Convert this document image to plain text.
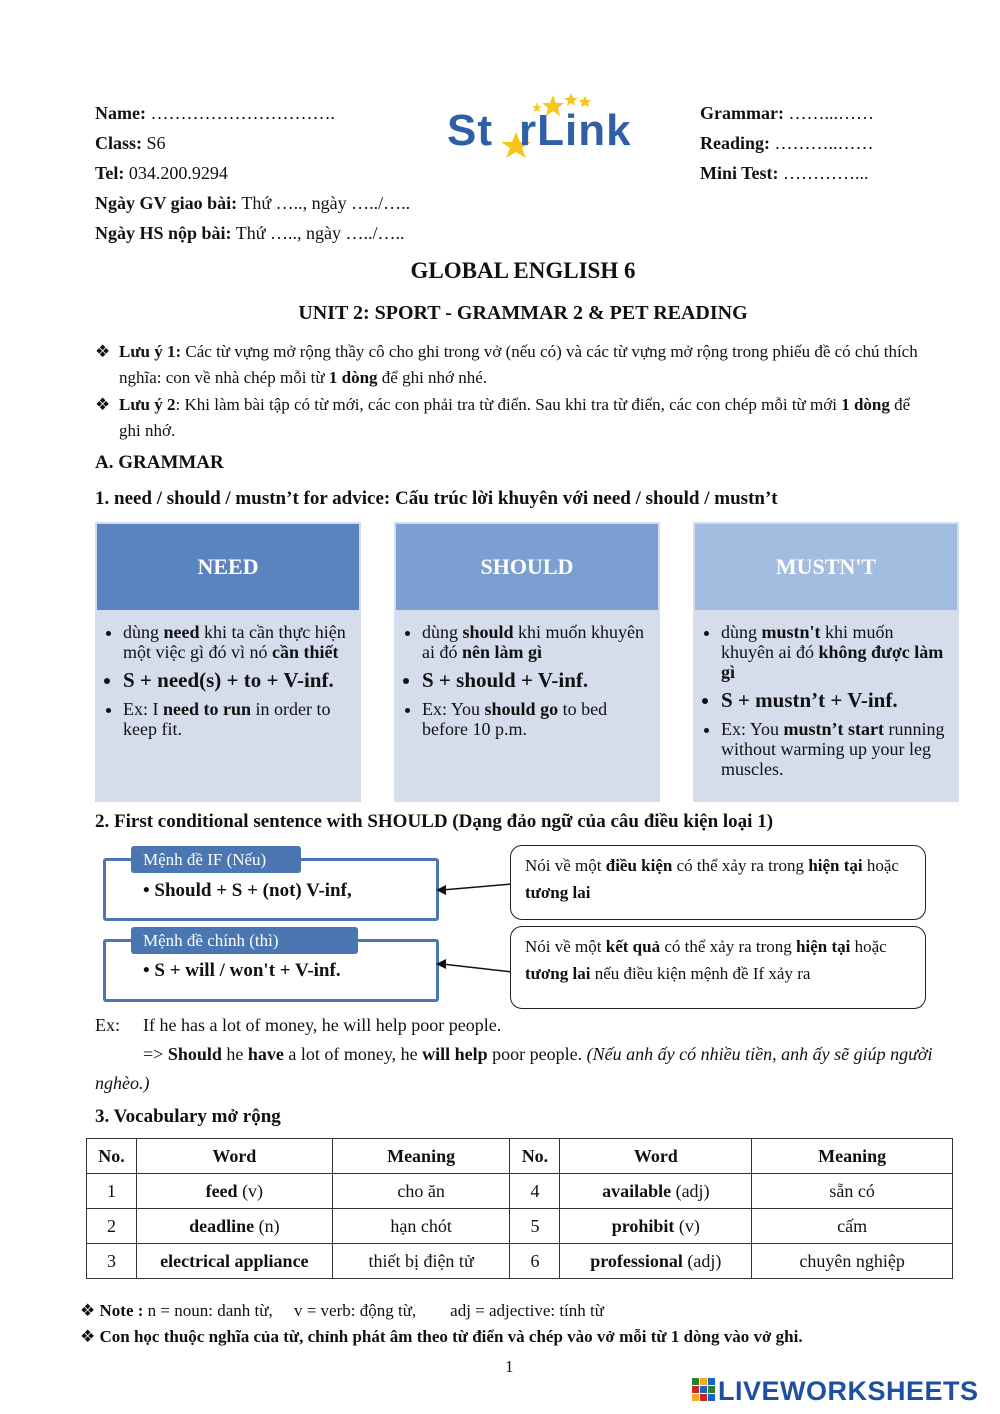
Name: ………………………….
Class: S6
Tel: 034.200.9294
Ngày GV giao bài: Thứ ….., ngày …../…..
Ngày HS nộp bài: Thứ ….., ngày …../…..
St rLink	Grammar: ……...……
Reading: ………..……
Mini Test: …………...
GLOBAL ENGLISH 6
UNIT 2: SPORT - GRAMMAR 2 & PET READING
❖ Lưu ý 1: Các từ vựng mở rộng thầy cô cho ghi trong vở (nếu có) và các từ vựng mở rộng trong phiếu đề có chú thích nghĩa: con về nhà chép mỗi từ 1 dòng để ghi nhớ nhé.
❖ Lưu ý 2: Khi làm bài tập có từ mới, các con phải tra từ điển. Sau khi tra từ điển, các con chép mỗi từ mới 1 dòng để ghi nhớ.
A. GRAMMAR
1. need / should / mustn’t for advice: Cấu trúc lời khuyên với need / should / mustn’t
NEED
• dùng need khi ta cần thực hiện một việc gì đó vì nó cần thiết
• S + need(s) + to + V-inf.
• Ex: I need to run in order to keep fit.
SHOULD
• dùng should khi muốn khuyên ai đó nên làm gì
• S + should + V-inf.
• Ex: You should go to bed before 10 p.m.
MUSTN'T
• dùng mustn't khi muốn khuyên ai đó không được làm gì
• S + mustn’t + V-inf.
• Ex: You mustn’t start running without warming up your leg muscles.
2. First conditional sentence with SHOULD (Dạng đảo ngữ của câu điều kiện loại 1)
Mệnh đề IF (Nếu)
• Should + S + (not) V-inf,
Mệnh đề chính (thì)
• S + will / won't + V-inf.
Nói về một điều kiện có thể xảy ra trong hiện tại hoặc tương lai
Nói về một kết quả có thể xảy ra trong hiện tại hoặc tương lai nếu điều kiện mệnh đề If xảy ra
Ex: If he has a lot of money, he will help poor people.
=> Should he have a lot of money, he will help poor people. (Nếu anh ấy có nhiều tiền, anh ấy sẽ giúp người nghèo.)
3. Vocabulary mở rộng
No.	Word	Meaning	No.	Word	Meaning
1	feed (v)	cho ăn	4	available (adj)	sẵn có
2	deadline (n)	hạn chót	5	prohibit (v)	cấm
3	electrical appliance	thiết bị điện tử	6	professional (adj)	chuyên nghiệp
❖ Note : n = noun: danh từ,     v = verb: động từ,        adj = adjective: tính từ
❖ Con học thuộc nghĩa của từ, chỉnh phát âm theo từ điển và chép vào vở mỗi từ 1 dòng vào vở ghi.
1
LIVEWORKSHEETS
